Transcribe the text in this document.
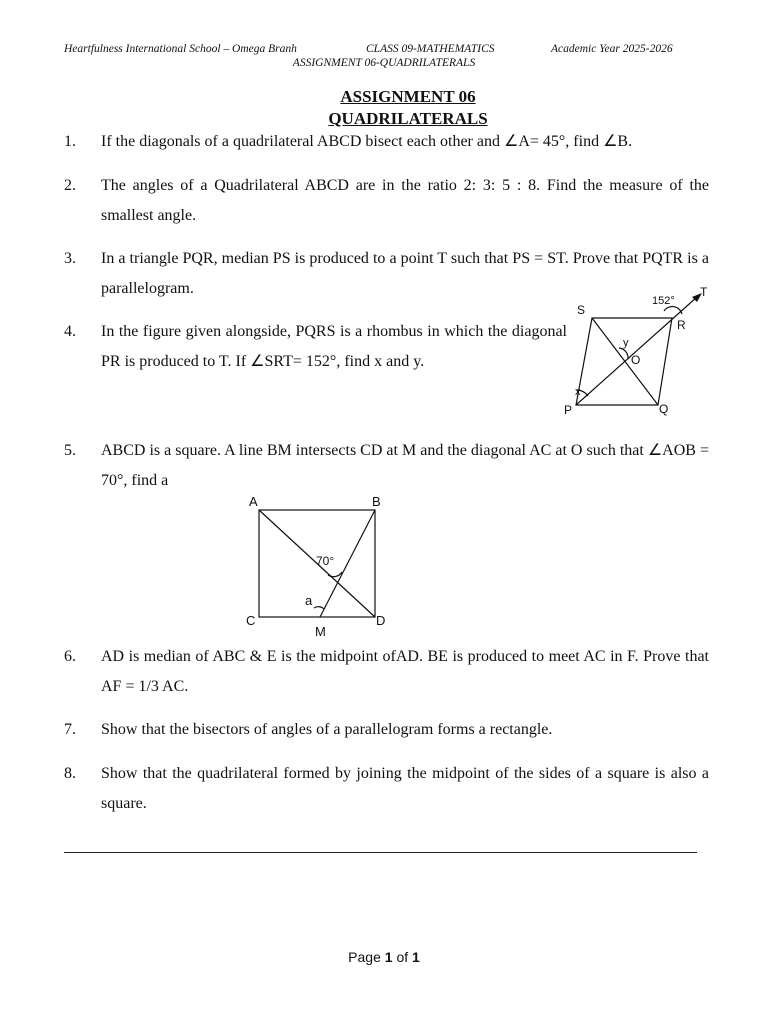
Heartfulness International School – Omega Branh	CLASS 09-MATHEMATICS	Academic Year 2025-2026
ASSIGNMENT 06-QUADRILATERALS
ASSIGNMENT 06
QUADRILATERALS
1. If the diagonals of a quadrilateral ABCD bisect each other and ∠A= 45°, find ∠B.
2. The angles of a Quadrilateral ABCD are in the ratio 2: 3: 5 : 8. Find the measure of the smallest angle.
3. In a triangle PQR, median PS is produced to a point T such that PS = ST. Prove that PQTR is a parallelogram.
4. In the figure given alongside, PQRS is a rhombus in which the diagonal PR is produced to T. If ∠SRT= 152°, find x and y.
S
R
P	Q
T
O
x
y
152°
5. ABCD is a square. A line BM intersects CD at M and the diagonal AC at O such that ∠AOB = 70°, find a
A	B
C	D
M
a
70°
6. AD is median of ABC & E is the midpoint ofAD. BE is produced to meet AC in F. Prove that AF = 1/3 AC.
7. Show that the bisectors of angles of a parallelogram forms a rectangle.
8. Show that the quadrilateral formed by joining the midpoint of the sides of a square is also a square.
Page 1 of 1
